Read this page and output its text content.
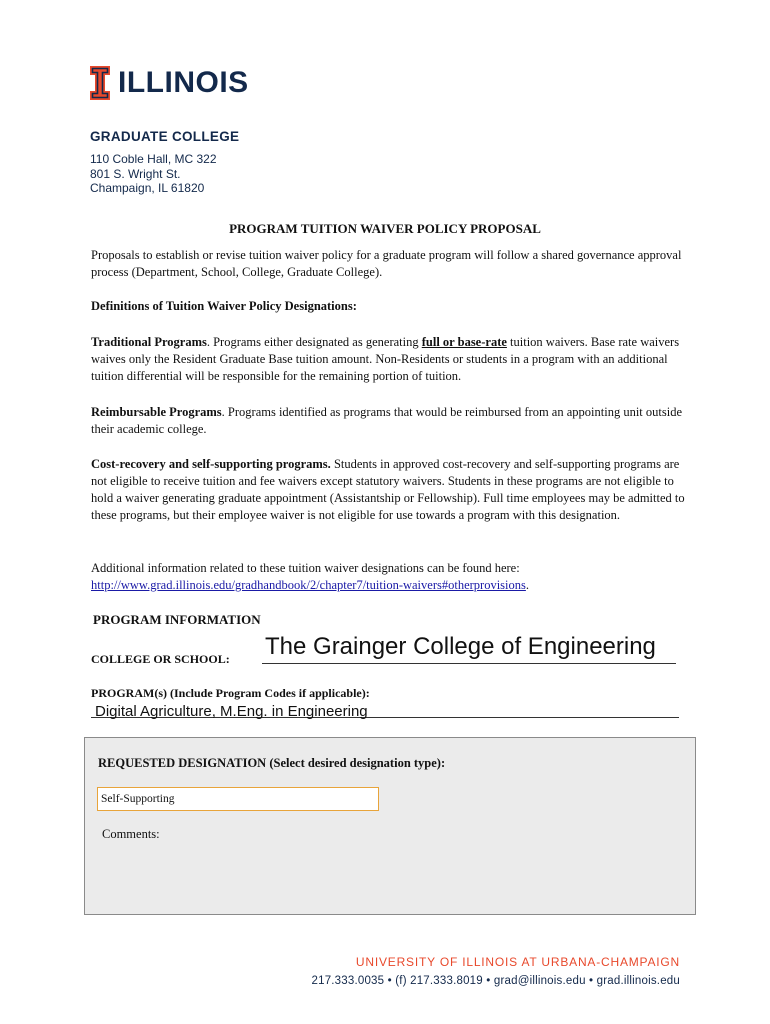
ILLINOIS
GRADUATE COLLEGE
110 Coble Hall, MC 322
801 S. Wright St.
Champaign, IL 61820
PROGRAM TUITION WAIVER POLICY PROPOSAL
Proposals to establish or revise tuition waiver policy for a graduate program will follow a shared governance approval process (Department, School, College, Graduate College).
Definitions of Tuition Waiver Policy Designations:
Traditional Programs. Programs either designated as generating full or base-rate tuition waivers. Base rate waivers waives only the Resident Graduate Base tuition amount. Non-Residents or students in a program with an additional tuition differential will be responsible for the remaining portion of tuition.
Reimbursable Programs. Programs identified as programs that would be reimbursed from an appointing unit outside their academic college.
Cost-recovery and self-supporting programs. Students in approved cost-recovery and self-supporting programs are not eligible to receive tuition and fee waivers except statutory waivers. Students in these programs are not eligible to hold a waiver generating graduate appointment (Assistantship or Fellowship). Full time employees may be admitted to these programs, but their employee waiver is not eligible for use towards a program with this designation.
Additional information related to these tuition waiver designations can be found here:
http://www.grad.illinois.edu/gradhandbook/2/chapter7/tuition-waivers#otherprovisions.
PROGRAM INFORMATION
COLLEGE OR SCHOOL: The Grainger College of Engineering
PROGRAM(s) (Include Program Codes if applicable):
Digital Agriculture, M.Eng. in Engineering
REQUESTED DESIGNATION (Select desired designation type):
Self-Supporting
Comments:
UNIVERSITY OF ILLINOIS AT URBANA-CHAMPAIGN
217.333.0035 • (f) 217.333.8019 • grad@illinois.edu • grad.illinois.edu
